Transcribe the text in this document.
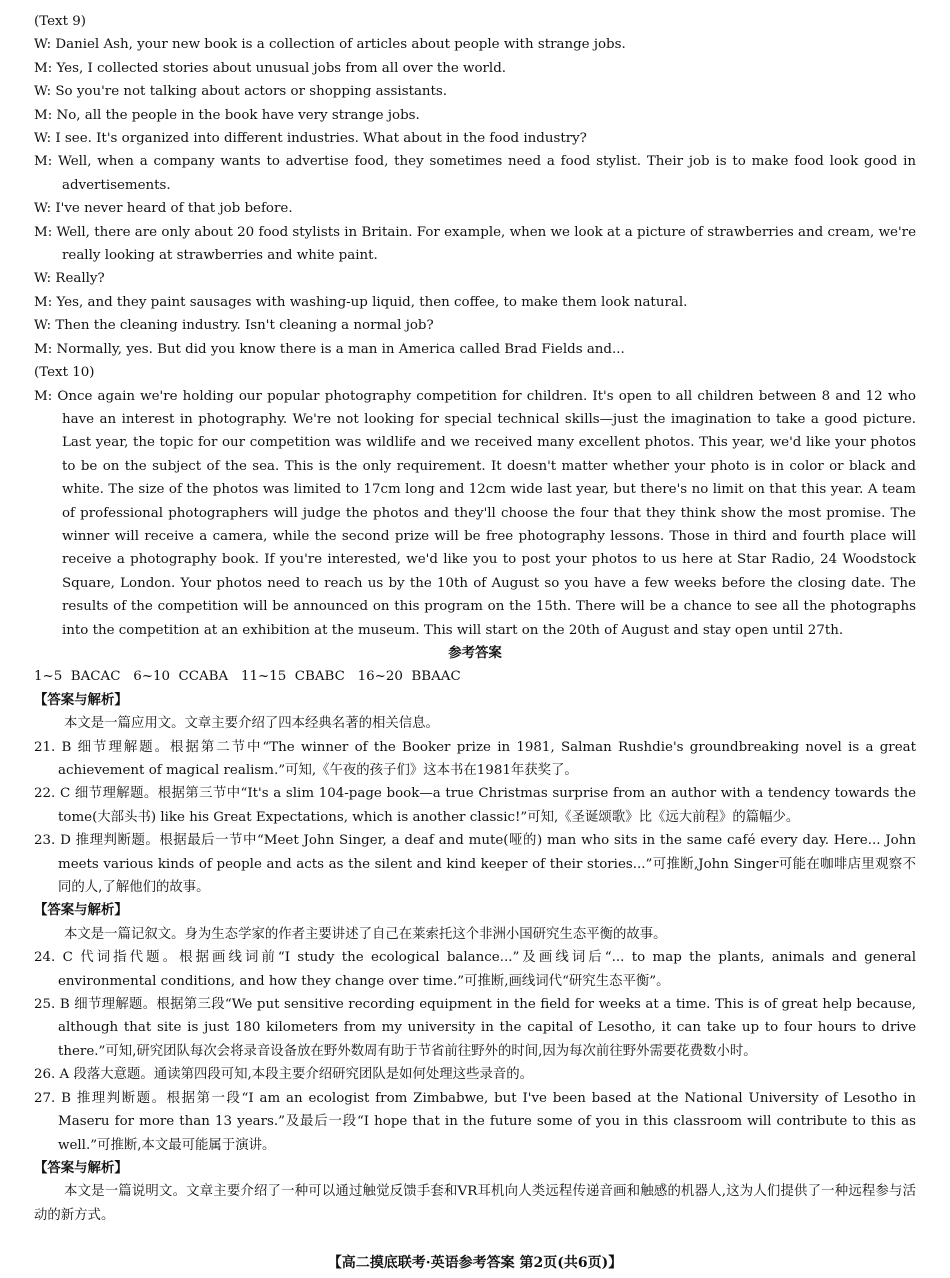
(Text 9)
W: Daniel Ash, your new book is a collection of articles about people with strange jobs.
M: Yes, I collected stories about unusual jobs from all over the world.
W: So you're not talking about actors or shopping assistants.
M: No, all the people in the book have very strange jobs.
W: I see. It's organized into different industries. What about in the food industry?
M: Well, when a company wants to advertise food, they sometimes need a food stylist. Their job is to make food look good in advertisements.
W: I've never heard of that job before.
M: Well, there are only about 20 food stylists in Britain. For example, when we look at a picture of strawberries and cream, we're really looking at strawberries and white paint.
W: Really?
M: Yes, and they paint sausages with washing-up liquid, then coffee, to make them look natural.
W: Then the cleaning industry. Isn't cleaning a normal job?
M: Normally, yes. But did you know there is a man in America called Brad Fields and...
(Text 10)
M: Once again we're holding our popular photography competition for children. It's open to all children between 8 and 12 who have an interest in photography. We're not looking for special technical skills—just the imagination to take a good picture. Last year, the topic for our competition was wildlife and we received many excellent photos. This year, we'd like your photos to be on the subject of the sea. This is the only requirement. It doesn't matter whether your photo is in color or black and white. The size of the photos was limited to 17cm long and 12cm wide last year, but there's no limit on that this year. A team of professional photographers will judge the photos and they'll choose the four that they think show the most promise. The winner will receive a camera, while the second prize will be free photography lessons. Those in third and fourth place will receive a photography book. If you're interested, we'd like you to post your photos to us here at Star Radio, 24 Woodstock Square, London. Your photos need to reach us by the 10th of August so you have a few weeks before the closing date. The results of the competition will be announced on this program on the 15th. There will be a chance to see all the photographs into the competition at an exhibition at the museum. This will start on the 20th of August and stay open until 27th.
参考答案
1~5  BACAC   6~10  CCABA   11~15  CBABC   16~20  BBAAC
【答案与解析】
本文是一篇应用文。文章主要介绍了四本经典名著的相关信息。
21. B 细节理解题。根据第二节中“The winner of the Booker prize in 1981, Salman Rushdie's groundbreaking novel is a great achievement of magical realism.”可知,《午夜的孩子们》这本书在1981年获奖了。
22. C 细节理解题。根据第三节中“It's a slim 104-page book—a true Christmas surprise from an author with a tendency towards the tome(大部头书) like his Great Expectations, which is another classic!”可知,《圣诞颂歌》比《远大前程》的篇幅少。
23. D 推理判断题。根据最后一节中“Meet John Singer, a deaf and mute(哑的) man who sits in the same café every day. Here... John meets various kinds of people and acts as the silent and kind keeper of their stories...”可推断,John Singer可能在咖啡店里观察不同的人,了解他们的故事。
【答案与解析】
本文是一篇记叙文。身为生态学家的作者主要讲述了自己在莱索托这个非洲小国研究生态平衡的故事。
24. C 代词指代题。根据画线词前“I study the ecological balance...”及画线词后“... to map the plants, animals and general environmental conditions, and how they change over time.”可推断,画线词代“研究生态平衡”。
25. B 细节理解题。根据第三段“We put sensitive recording equipment in the field for weeks at a time. This is of great help because, although that site is just 180 kilometers from my university in the capital of Lesotho, it can take up to four hours to drive there.”可知,研究团队每次会将录音设备放在野外数周有助于节省前往野外的时间,因为每次前往野外需要花费数小时。
26. A 段落大意题。通读第四段可知,本段主要介绍研究团队是如何处理这些录音的。
27. B 推理判断题。根据第一段“I am an ecologist from Zimbabwe, but I've been based at the National University of Lesotho in Maseru for more than 13 years.”及最后一段“I hope that in the future some of you in this classroom will contribute to this as well.”可推断,本文最可能属于演讲。
【答案与解析】
本文是一篇说明文。文章主要介绍了一种可以通过触觉反馈手套和VR耳机向人类远程传递音画和触感的机器人,这为人们提供了一种远程参与活动的新方式。
【高二摸底联考·英语参考答案 第2页(共6页)】
